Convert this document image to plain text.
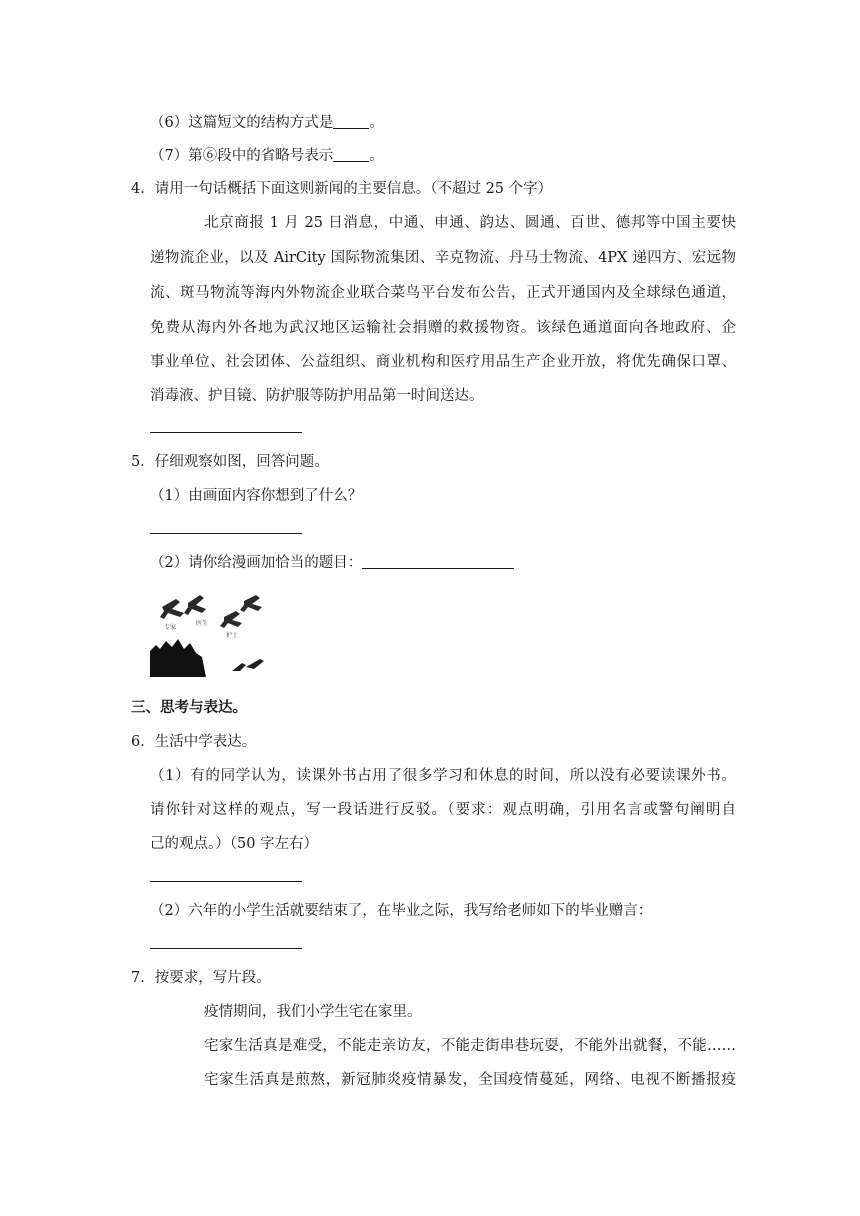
（6）这篇短文的结构方式是 。
（7）第⑥段中的省略号表示 。
4．请用一句话概括下面这则新闻的主要信息。（不超过 25 个字）
北京商报 1 月 25 日消息，中通、申通、韵达、圆通、百世、德邦等中国主要快
递物流企业，以及 AirCity 国际物流集团、辛克物流、丹马士物流、4PX 递四方、宏远物
流、斑马物流等海内外物流企业联合菜鸟平台发布公告，正式开通国内及全球绿色通道，
免费从海内外各地为武汉地区运输社会捐赠的救援物资。该绿色通道面向各地政府、企
事业单位、社会团体、公益组织、商业机构和医疗用品生产企业开放，将优先确保口罩、
消毒液、护目镜、防护服等防护用品第一时间送达。
5．仔细观察如图，回答问题。
（1）由画面内容你想到了什么？
（2）请你给漫画加恰当的题目：
专家
医生
护士
三、思考与表达。
6．生活中学表达。
（1）有的同学认为，读课外书占用了很多学习和休息的时间，所以没有必要读课外书。
请你针对这样的观点，写一段话进行反驳。（要求：观点明确，引用名言或警句阐明自
己的观点。）（50 字左右）
（2）六年的小学生活就要结束了，在毕业之际，我写给老师如下的毕业赠言：
7．按要求，写片段。
疫情期间，我们小学生宅在家里。
宅家生活真是难受，不能走亲访友，不能走街串巷玩耍，不能外出就餐，不能……
宅家生活真是煎熬，新冠肺炎疫情暴发，全国疫情蔓延，网络、电视不断播报疫
